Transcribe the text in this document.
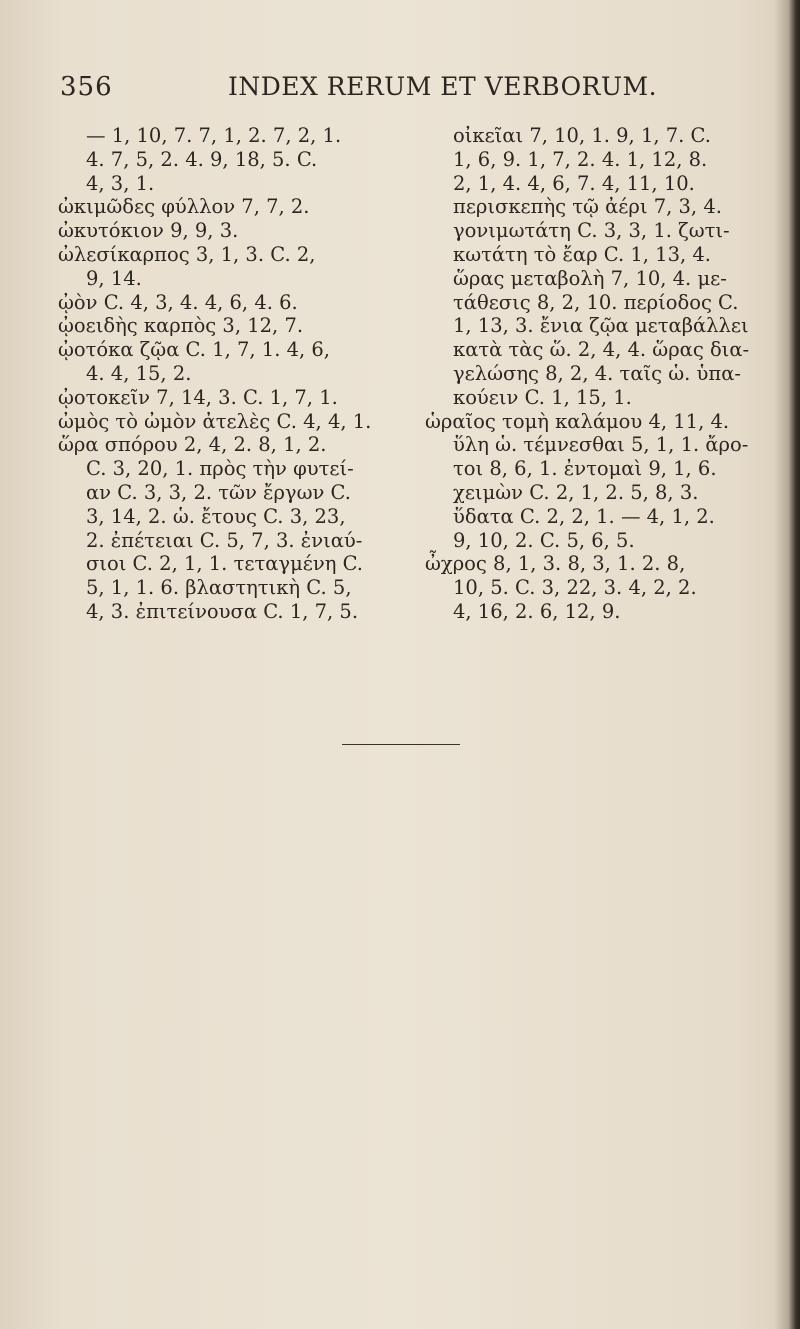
356	INDEX RERUM ET VERBORUM.
— 1, 10, 7. 7, 1, 2. 7, 2, 1.
4. 7, 5, 2. 4. 9, 18, 5. C.
4, 3, 1.
ὠκιμῶδες φύλλον 7, 7, 2.
ὠκυτόκιον 9, 9, 3.
ὠλεσίκαρπος 3, 1, 3. C. 2,
9, 14.
ᾠὸν C. 4, 3, 4. 4, 6, 4. 6.
ᾠοειδὴς καρπὸς 3, 12, 7.
ᾠοτόκα ζῷα C. 1, 7, 1. 4, 6,
4. 4, 15, 2.
ᾠοτοκεῖν 7, 14, 3. C. 1, 7, 1.
ὠμὸς τὸ ὠμὸν ἀτελὲς C. 4, 4, 1.
ὥρα σπόρου 2, 4, 2. 8, 1, 2.
C. 3, 20, 1. πρὸς τὴν φυτεί-
αν C. 3, 3, 2. τῶν ἔργων C.
3, 14, 2. ὡ. ἔτους C. 3, 23,
2. ἐπέτειαι C. 5, 7, 3. ἐνιαύ-
σιοι C. 2, 1, 1. τεταγμένη C.
5, 1, 1. 6. βλαστητικὴ C. 5,
4, 3. ἐπιτείνουσα C. 1, 7, 5.
οἰκεῖαι 7, 10, 1. 9, 1, 7. C.
1, 6, 9. 1, 7, 2. 4. 1, 12, 8.
2, 1, 4. 4, 6, 7. 4, 11, 10.
περισκεπὴς τῷ ἀέρι 7, 3, 4.
γονιμωτάτη C. 3, 3, 1. ζωτι-
κωτάτη τὸ ἔαρ C. 1, 13, 4.
ὥρας μεταβολὴ 7, 10, 4. με-
τάθεσις 8, 2, 10. περίοδος C.
1, 13, 3. ἔνια ζῷα μεταβάλλει
κατὰ τὰς ὥ. 2, 4, 4. ὥρας δια-
γελώσης 8, 2, 4. ταῖς ὡ. ὑπα-
κούειν C. 1, 15, 1.
ὡραῖος τομὴ καλάμου 4, 11, 4.
ὕλη ὡ. τέμνεσθαι 5, 1, 1. ἄρο-
τοι 8, 6, 1. ἐντομαὶ 9, 1, 6.
χειμὼν C. 2, 1, 2. 5, 8, 3.
ὕδατα C. 2, 2, 1. — 4, 1, 2.
9, 10, 2. C. 5, 6, 5.
ὦχρος 8, 1, 3. 8, 3, 1. 2. 8,
10, 5. C. 3, 22, 3. 4, 2, 2.
4, 16, 2. 6, 12, 9.
